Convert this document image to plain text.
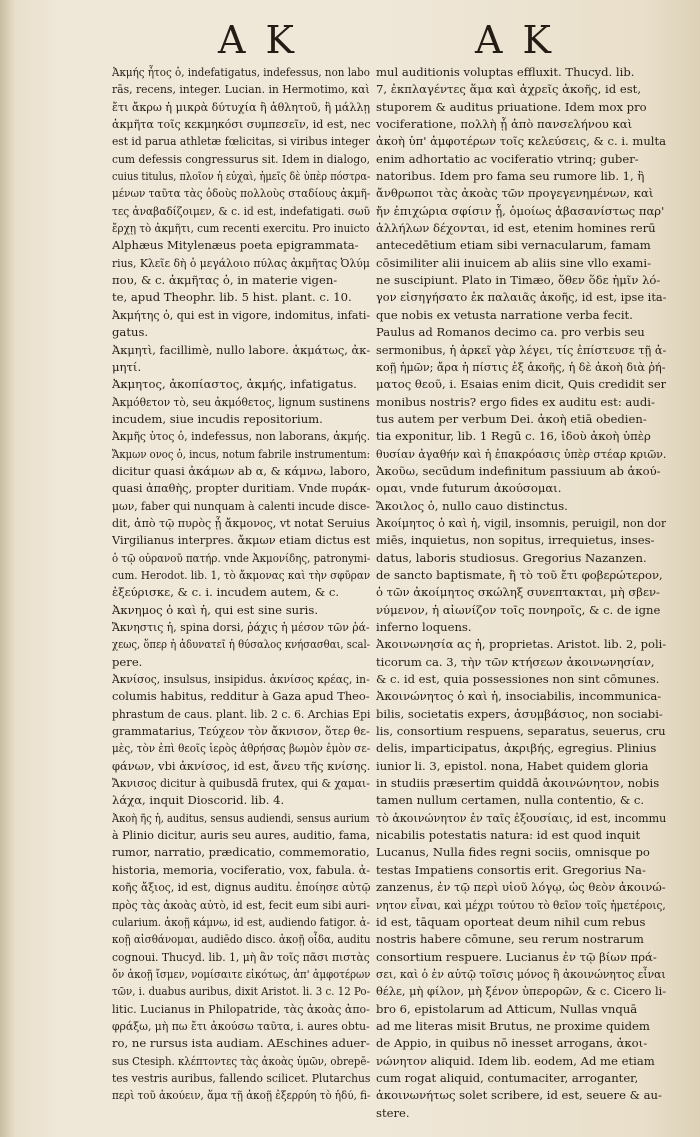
A K	A K
Ἀκμής ἦτος ὁ, indefatigatus, indefessus, non labo
rās, recens, integer. Lucian. in Hermotimo, καὶ
ἔτι ἄκρω ἡ μικρὰ δύτυχία ἢ ἀθλητοῦ, ἣ μάλλῃ
ἀκμῆτα τοῖς κεκμηκόσι συμπεσεῖν, id est, nec
est id parua athletæ fœlicitas, si viribus integer
cum defessis congressurus sit. Idem in dialogo,
cuius titulus, πλοῖον ἡ εὐχαὶ, ἡμεῖς δὲ ὑπὲρ πόστρα-
μένων ταῦτα τὰς ὁδοὺς πολλοὺς σταδίους ἀκμῆ-
τες ἀναβαδίζοιμεν, & c. id est, indefatigati. σωῦ
ἔρχῃ τὸ ἀκμῆτι, cum recenti exercitu. Pro inuicto
Alphæus Mitylenæus poeta epigrammata-
rius, Κλεῖε δὴ ὁ μεγάλοιο πύλας ἀκμῆτας Ὀλύμ
που, & c. ἀκμῆτας ὁ, in materie vigen-
te, apud Theophr. lib. 5 hist. plant. c. 10.
Ἀκμήτης ὁ, qui est in vigore, indomitus, infati-
gatus.
Ἀκμητὶ, facillimè, nullo labore. ἀκμάτως, ἀκ-
μητί.
Ἀκμητος, ἀκοπίαστος, ἀκμής, infatigatus.
Ἀκμόθετον τὸ, seu ἀκμόθετος, lignum sustinens
incudem, siue incudis repositorium.
Ἀκμῆς ὑτος ὁ, indefessus, non laborans, ἀκμής.
Ἄκμων ονος ὁ, incus, notum fabrile instrumentum:
dicitur quasi ἀκάμων ab α, & κάμνω, laboro,
quasi ἀπαθὴς, propter duritiam. Vnde πυράκ-
μων, faber qui nunquam à calenti incude disce-
dit, ἀπὸ τῷ πυρὸς ᾗ ἄκμονος, vt notat Seruius
Virgilianus interpres. ἄκμων etiam dictus est
ὁ τῷ οὐρανοῦ πατήρ. vnde Ἀκμονίδης, patronymi-
cum. Herodot. lib. 1, τὸ ἄκμονας καὶ τὴν σφῦραν
ἐξεύρισκε, & c. i. incudem autem, & c.
Ἀκνημος ὁ καὶ ἡ, qui est sine suris.
Ἄκνηστις ἡ, spina dorsi, ῥάχις ἡ μέσον τῶν ῥά-
χεως, ὅπερ ἡ ἀδυνατεῖ ἡ θύσαλος κνήσασθαι, scal-
pere.
Ἀκνίσος, insulsus, insipidus. ἀκνίσος κρέας, in-
columis habitus, redditur à Gaza apud Theo-
phrastum de caus. plant. lib. 2 c. 6. Archias Epi
grammatarius, Τεύχεον τὸν ἄκνισον, ὅτερ θε-
μὲς, τὸν ἐπὶ θεοῖς ἱερὸς ἀθρήσας βωμὸν ἐμὸν σε-
φάνων, vbi ἀκνίσος, id est, ἄνευ τῆς κνίσης.
Ἄκνισος dicitur à quibusdā frutex, qui & χαμαι-
λάχα, inquit Dioscorid. lib. 4.
Ἀκοὴ ῆς ἡ, auditus, sensus audiendi, sensus aurium
à Plinio dicitur, auris seu aures, auditio, fama,
rumor, narratio, prædicatio, commemoratio,
historia, memoria, vociferatio, vox, fabula. ἀ-
κοῆς ἄξιος, id est, dignus auditu. ἐποίησε αὐτῷ
πρὸς τὰς ἀκοὰς αὐτὸ, id est, fecit eum sibi auri-
cularium. ἀκοῇ κάμνω, id est, audiendo fatigor. ἀ-
κοῇ αἰσθάνομαι, audiēdo disco. ἀκοῇ οἶδα, auditu
cognoui. Thucyd. lib. 1, μὴ ἂν τοῖς πᾶσι πιστὰς
ὄν ἀκοῇ ἴσμεν, νομίσαιτε εἰκότως, ἀπ' ἀμφοτέρων
τῶν, i. duabus auribus, dixit Aristot. li. 3 c. 12 Po-
litic. Lucianus in Philopatride, τὰς ἀκοὰς ἀπο-
φράξω, μὴ πω ἔτι ἀκούσω ταῦτα, i. aures obtu-
ro, ne rursus ista audiam. AEschines aduer-
sus Ctesiph. κλέπτοντες τὰς ἀκοὰς ὑμῶν, obrepē-
tes vestris auribus, fallendo scilicet. Plutarchus
περὶ τοῦ ἀκούειν, ἅμα τῇ ἀκοῇ ἐξερρύη τὸ ἡδύ, fi-
mul auditionis voluptas effluxit. Thucyd. lib.
7, ἐκπλαγέντες ἅμα καὶ ἀχρεῖς ἀκοῆς, id est,
stuporem & auditus priuatione. Idem mox pro
vociferatione, πολλὴ ᾗ ἀπὸ πανσελήνου καὶ
ἀκοὴ ὑπ' ἀμφοτέρων τοῖς κελεύσεις, & c. i. multa
enim adhortatio ac vociferatio vtrinq; guber-
natoribus. Idem pro fama seu rumore lib. 1, ἢ
ἄνθρωποι τὰς ἀκοὰς τῶν προγεγενημένων, καὶ
ἤν ἐπιχώρια σφίσιν ᾖ, ὁμοίως ἀβασανίστως παρ'
ἀλλήλων δέχονται, id est, etenim homines rerū
antecedētium etiam sibi vernacularum, famam
cōsimiliter alii inuicem ab aliis sine vllo exami-
ne suscipiunt. Plato in Timæo, ὅθεν ὅδε ἡμῖν λό-
γον εἰσηγήσατο ἐκ παλαιᾶς ἀκοῆς, id est, ipse ita-
que nobis ex vetusta narratione verba fecit.
Paulus ad Romanos decimo ca. pro verbis seu
sermonibus, ἡ ἀρκεῖ γὰρ λέγει, τίς ἐπίστευσε τῇ ἀ-
κοῇ ἡμῶν; ἄρα ἡ πίστις ἐξ ἀκοῆς, ἡ δὲ ἀκοὴ διὰ ῥή-
ματος θεοῦ, i. Esaias enim dicit, Quis credidit ser
monibus nostris? ergo fides ex auditu est: audi-
tus autem per verbum Dei. ἀκοὴ etiā obedien-
tia exponitur, lib. 1 Regū c. 16, ἰδοὺ ἀκοὴ ὑπὲρ
θυσίαν ἀγαθήν καὶ ἡ ἐπακρόασις ὑπὲρ στέαρ κριῶν.
Ἀκοῦω, secūdum indefinitum passiuum ab ἀκού-
ομαι, vnde futurum ἀκούσομαι.
Ἄκοιλος ὁ, nullo cauo distinctus.
Ἀκοίμητος ὁ καὶ ἡ, vigil, insomnis, peruigil, non dor
miēs, inquietus, non sopitus, irrequietus, inses-
datus, laboris studiosus. Gregorius Nazanzen.
de sancto baptismate, ἢ τὸ τοῦ ἔτι φοβερώτερον,
ὁ τῶν ἀκοίμητος σκώληξ συνεπτακται, μὴ σβεν-
νύμενον, ἡ αἰωνίζον τοῖς πονηροῖς, & c. de igne
inferno loquens.
Ἀκοινωνησία ας ἡ, proprietas. Aristot. lib. 2, poli-
ticorum ca. 3, τὴν τῶν κτήσεων ἀκοινωνησίαν,
& c. id est, quia possessiones non sint cōmunes.
Ἀκοινώνητος ὁ καὶ ἡ, insociabilis, incommunica-
bilis, societatis expers, ἀσυμβάσιος, non sociabi-
lis, consortium respuens, separatus, seuerus, cru
delis, imparticipatus, ἀκριβής, egregius. Plinius
iunior li. 3, epistol. nona, Habet quidem gloria
in studiis præsertim quiddā ἀκοινώνητον, nobis
tamen nullum certamen, nulla contentio, & c.
τὸ ἀκοινώνητον ἐν ταῖς ἐξουσίαις, id est, incommu
nicabilis potestatis natura: id est quod inquit
Lucanus, Nulla fides regni sociis, omnisque po
testas Impatiens consortis erit. Gregorius Na-
zanzenus, ἐν τῷ περὶ υἱοῦ λόγῳ, ὡς θεὸν ἀκοινώ-
νητον εἶναι, καὶ μέχρι τούτου τὸ θεῖον τοῖς ἡμετέροις,
id est, tāquam oporteat deum nihil cum rebus
nostris habere cōmune, seu rerum nostrarum
consortium respuere. Lucianus ἐν τῷ βίων πρά-
σει, καὶ ὁ ἐν αὐτῷ τοῖσις μόνος ἢ ἀκοινώνητος εἶναι
θέλε, μὴ φίλον, μὴ ξένον ὑπερορῶν, & c. Cicero li-
bro 6, epistolarum ad Atticum, Nullas vnquā
ad me literas misit Brutus, ne proxime quidem
de Appio, in quibus nō inesset arrogans, ἀκοι-
νώνητον aliquid. Idem lib. eodem, Ad me etiam
cum rogat aliquid, contumaciter, arroganter,
ἀκοινωνήτως solet scribere, id est, seuere & au-
stere.
